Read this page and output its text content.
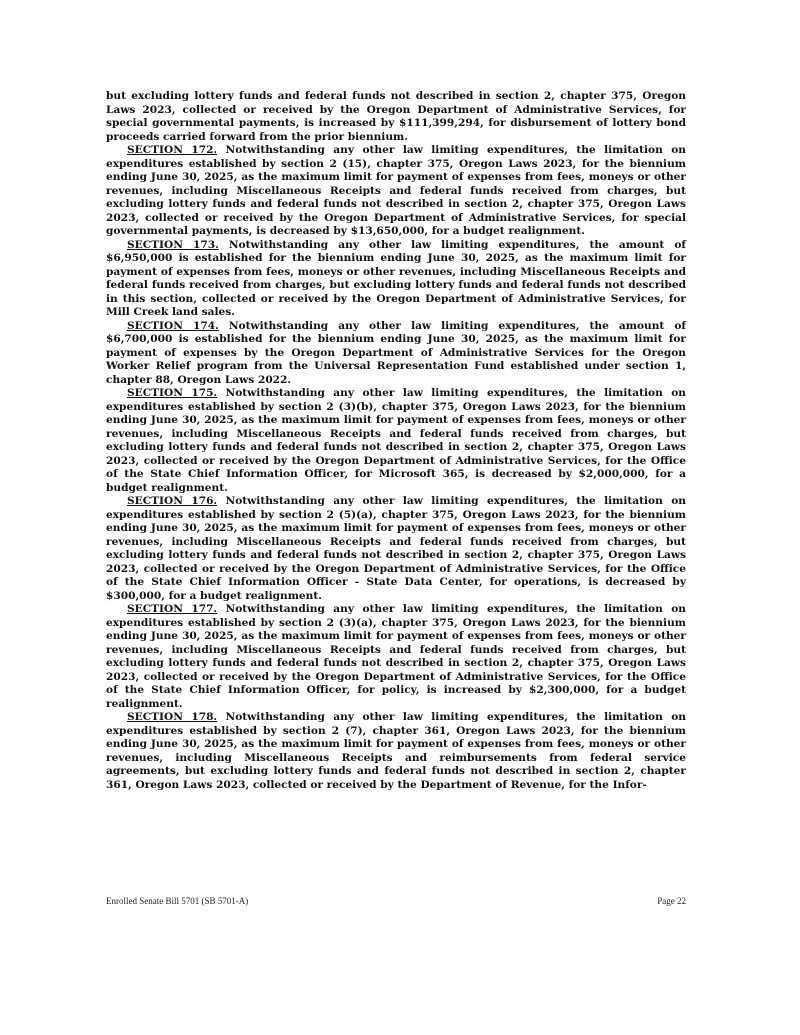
but excluding lottery funds and federal funds not described in section 2, chapter 375, Oregon Laws 2023, collected or received by the Oregon Department of Administrative Services, for special governmental payments, is increased by $111,399,294, for disbursement of lottery bond proceeds carried forward from the prior biennium.

SECTION 172. Notwithstanding any other law limiting expenditures, the limitation on expenditures established by section 2 (15), chapter 375, Oregon Laws 2023, for the biennium ending June 30, 2025, as the maximum limit for payment of expenses from fees, moneys or other revenues, including Miscellaneous Receipts and federal funds received from charges, but excluding lottery funds and federal funds not described in section 2, chapter 375, Oregon Laws 2023, collected or received by the Oregon Department of Administrative Services, for special governmental payments, is decreased by $13,650,000, for a budget realignment.

SECTION 173. Notwithstanding any other law limiting expenditures, the amount of $6,950,000 is established for the biennium ending June 30, 2025, as the maximum limit for payment of expenses from fees, moneys or other revenues, including Miscellaneous Receipts and federal funds received from charges, but excluding lottery funds and federal funds not described in this section, collected or received by the Oregon Department of Administrative Services, for Mill Creek land sales.

SECTION 174. Notwithstanding any other law limiting expenditures, the amount of $6,700,000 is established for the biennium ending June 30, 2025, as the maximum limit for payment of expenses by the Oregon Department of Administrative Services for the Oregon Worker Relief program from the Universal Representation Fund established under section 1, chapter 88, Oregon Laws 2022.

SECTION 175. Notwithstanding any other law limiting expenditures, the limitation on expenditures established by section 2 (3)(b), chapter 375, Oregon Laws 2023, for the biennium ending June 30, 2025, as the maximum limit for payment of expenses from fees, moneys or other revenues, including Miscellaneous Receipts and federal funds received from charges, but excluding lottery funds and federal funds not described in section 2, chapter 375, Oregon Laws 2023, collected or received by the Oregon Department of Administrative Services, for the Office of the State Chief Information Officer, for Microsoft 365, is decreased by $2,000,000, for a budget realignment.

SECTION 176. Notwithstanding any other law limiting expenditures, the limitation on expenditures established by section 2 (5)(a), chapter 375, Oregon Laws 2023, for the biennium ending June 30, 2025, as the maximum limit for payment of expenses from fees, moneys or other revenues, including Miscellaneous Receipts and federal funds received from charges, but excluding lottery funds and federal funds not described in section 2, chapter 375, Oregon Laws 2023, collected or received by the Oregon Department of Administrative Services, for the Office of the State Chief Information Officer - State Data Center, for operations, is decreased by $300,000, for a budget realignment.

SECTION 177. Notwithstanding any other law limiting expenditures, the limitation on expenditures established by section 2 (3)(a), chapter 375, Oregon Laws 2023, for the biennium ending June 30, 2025, as the maximum limit for payment of expenses from fees, moneys or other revenues, including Miscellaneous Receipts and federal funds received from charges, but excluding lottery funds and federal funds not described in section 2, chapter 375, Oregon Laws 2023, collected or received by the Oregon Department of Administrative Services, for the Office of the State Chief Information Officer, for policy, is increased by $2,300,000, for a budget realignment.

SECTION 178. Notwithstanding any other law limiting expenditures, the limitation on expenditures established by section 2 (7), chapter 361, Oregon Laws 2023, for the biennium ending June 30, 2025, as the maximum limit for payment of expenses from fees, moneys or other revenues, including Miscellaneous Receipts and reimbursements from federal service agreements, but excluding lottery funds and federal funds not described in section 2, chapter 361, Oregon Laws 2023, collected or received by the Department of Revenue, for the Infor-

Enrolled Senate Bill 5701 (SB 5701-A)	Page 22
